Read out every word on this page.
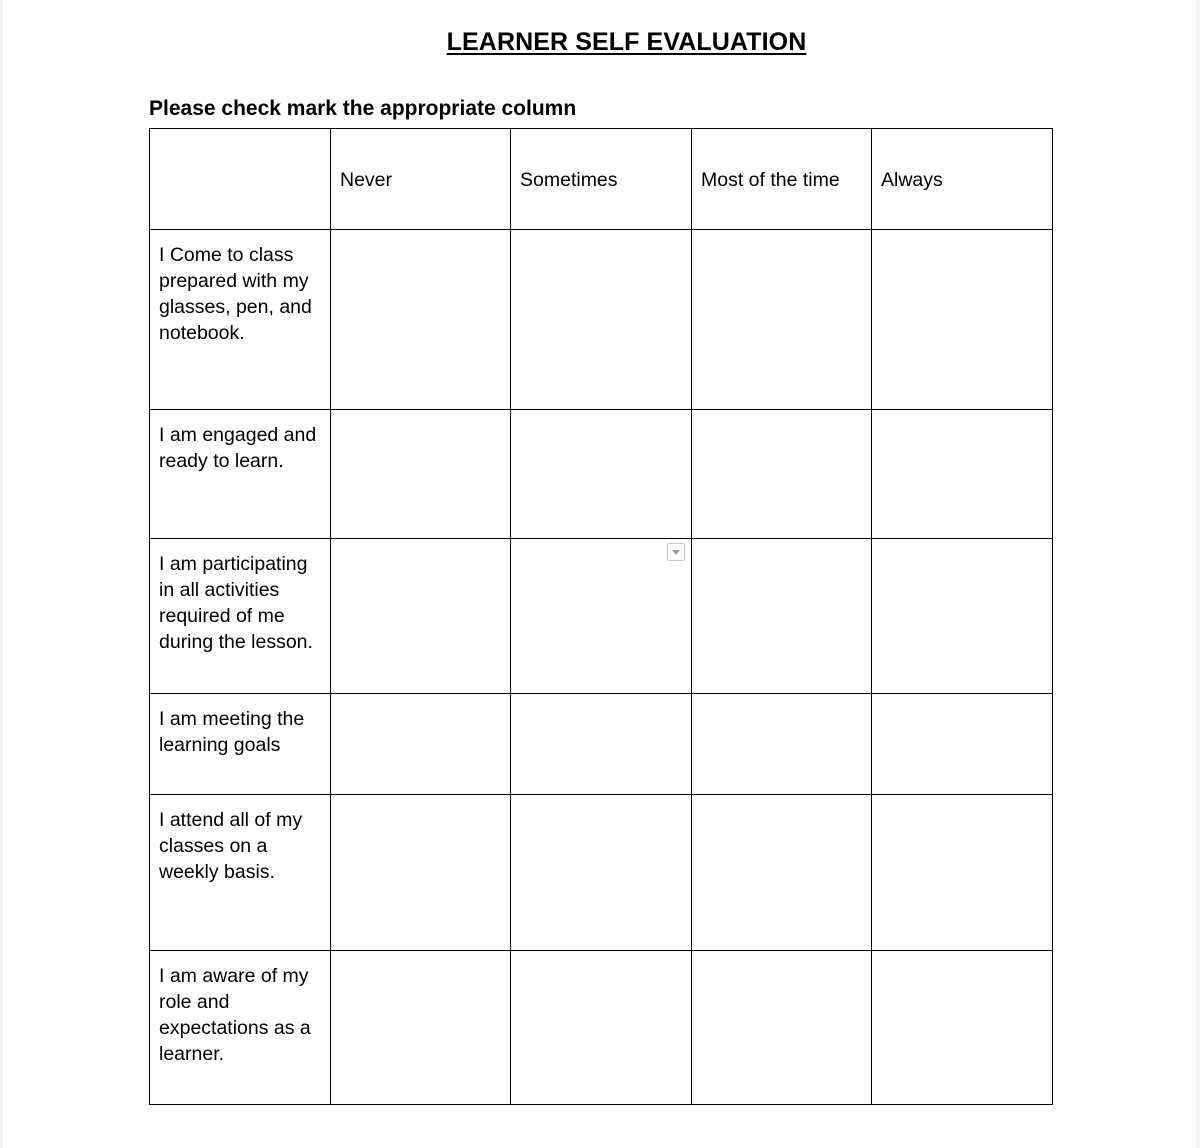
LEARNER SELF EVALUATION
Please check mark the appropriate column
	Never	Sometimes	Most of the time	Always
I Come to class prepared with my glasses, pen, and notebook.				
I am engaged and ready to learn.				
I am participating in all activities required of me during the lesson.				
I am meeting the learning goals				
I attend all of my classes on a weekly basis.				
I am aware of my role and expectations as a learner.				
